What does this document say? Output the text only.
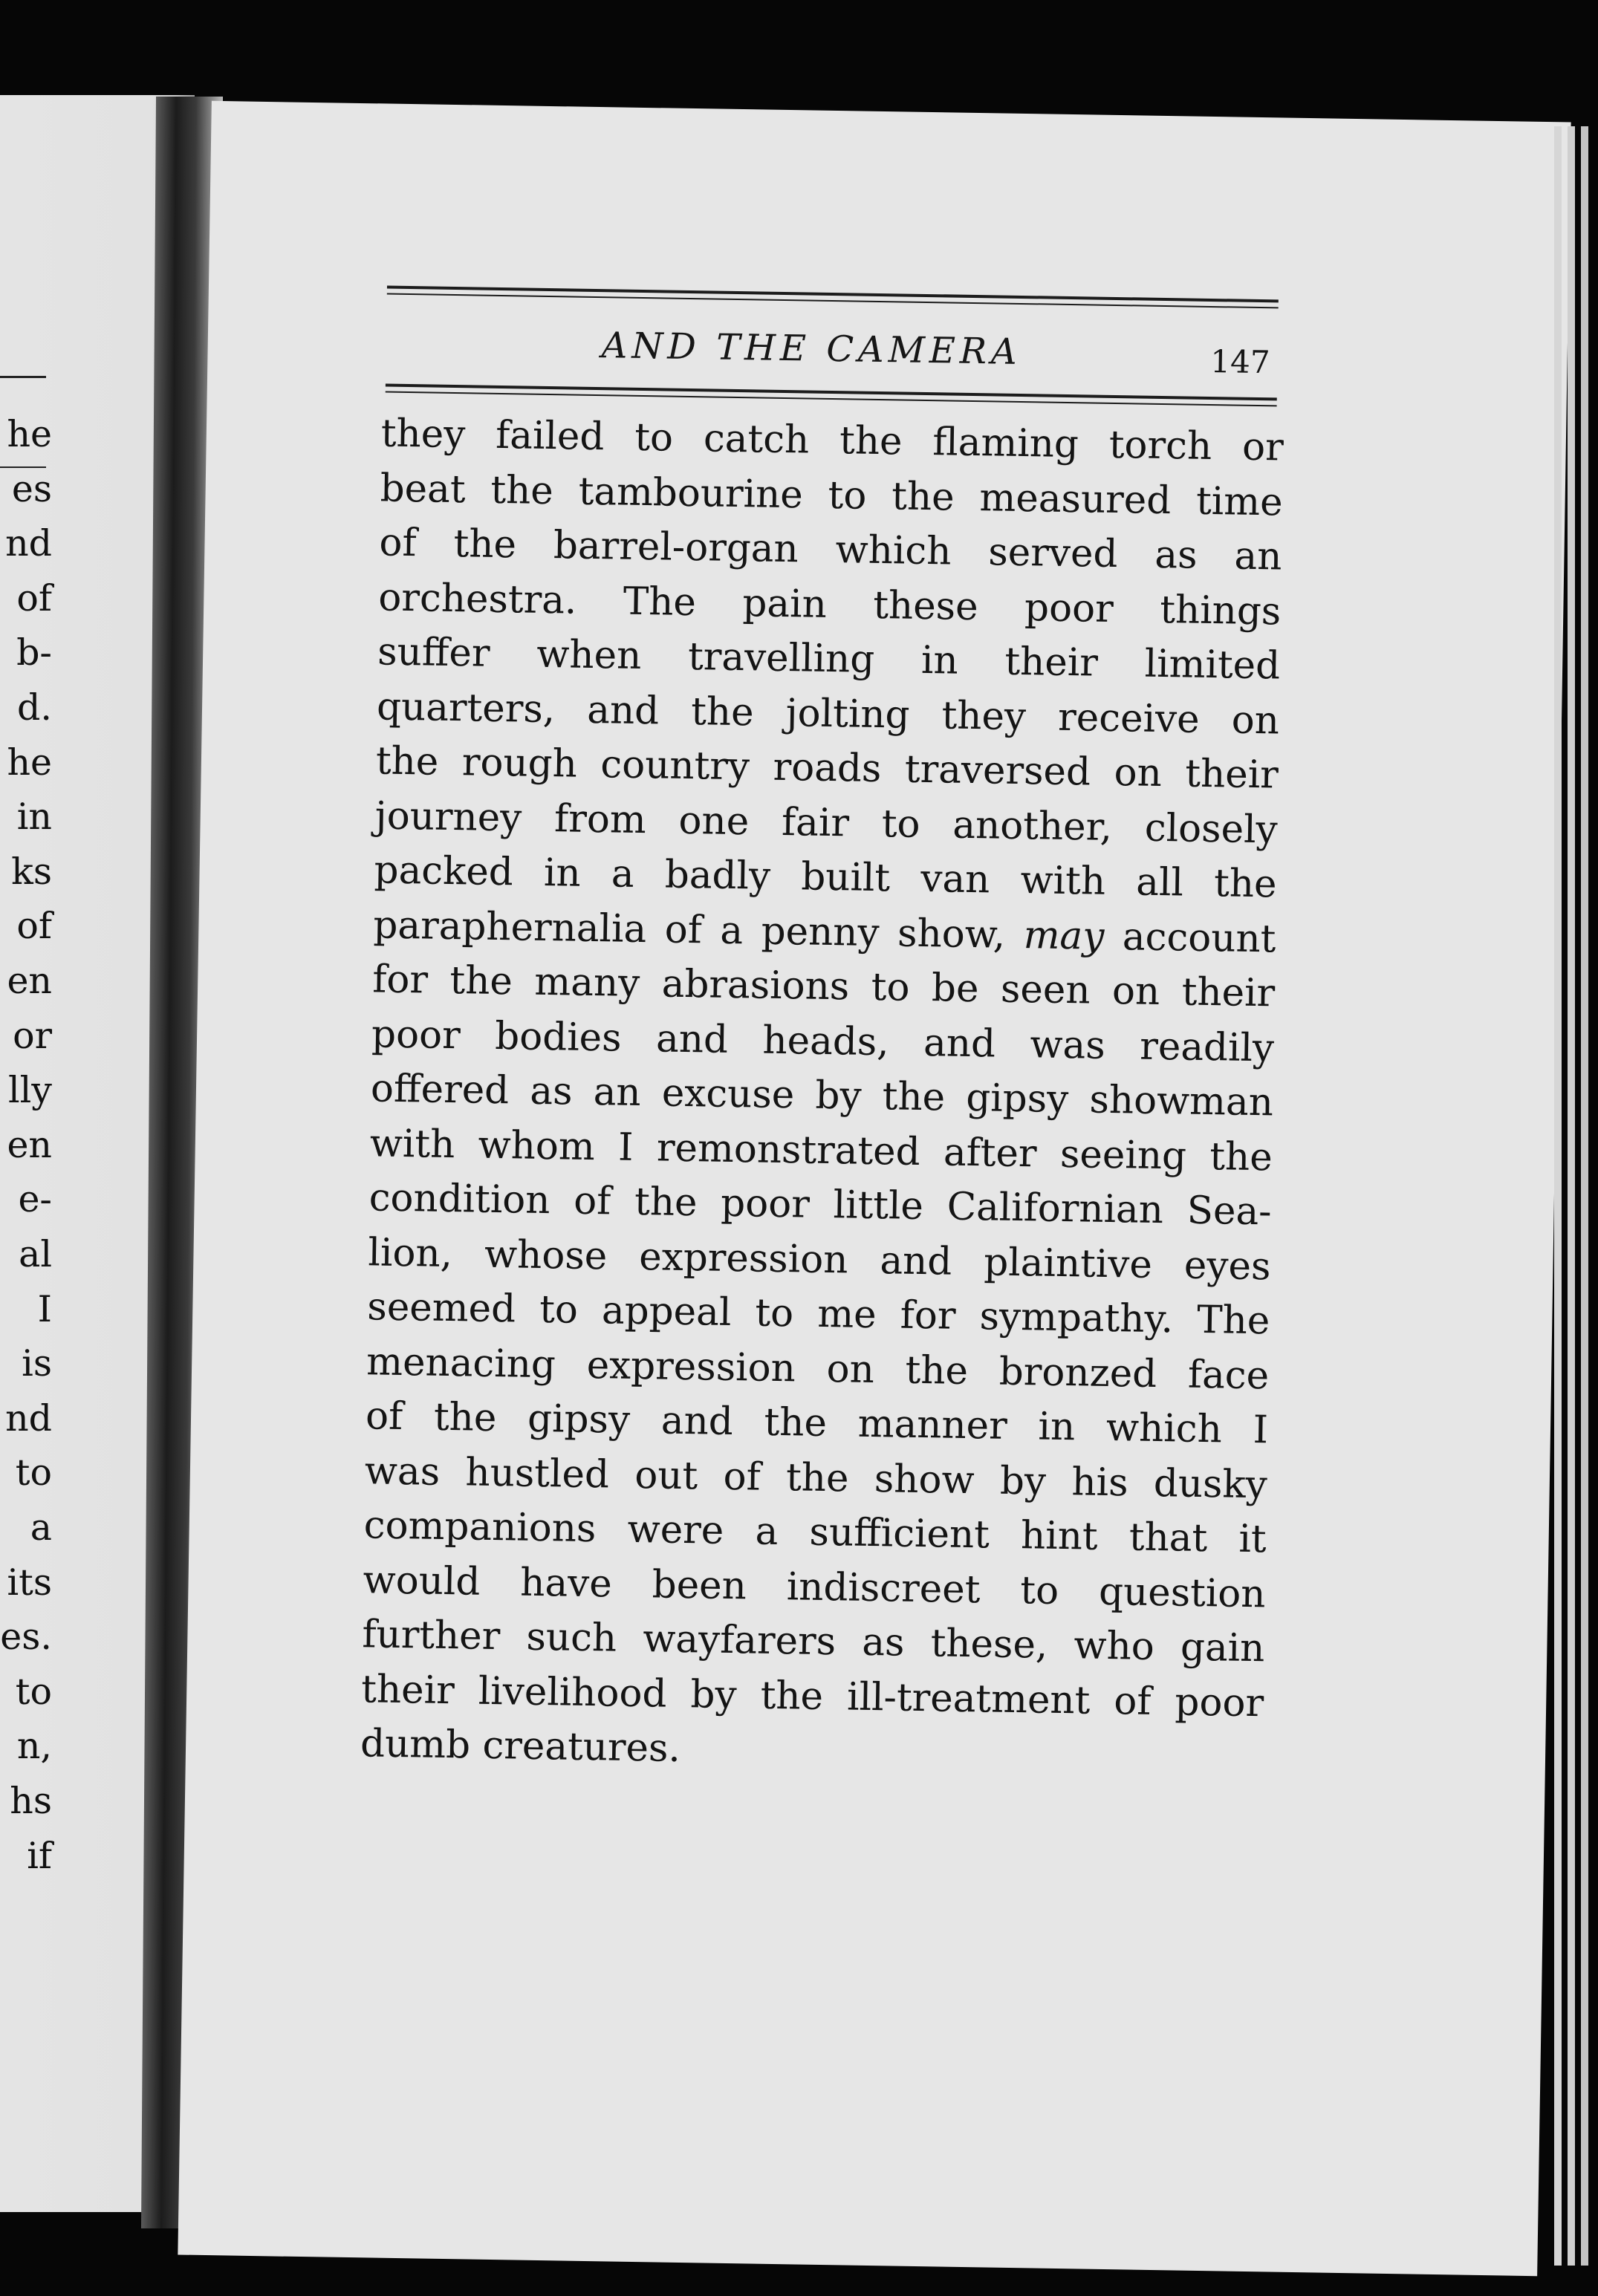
he
es
nd
of
b-
d.
he
in
ks
of
en
or
lly
en
e-
al
I
is
nd
to
a
its
es.
to
n,
hs
if
AND THE CAMERA	147
they failed to catch the flaming torch or
beat the tambourine to the measured time
of the barrel-organ which served as an
orchestra. The pain these poor things
suffer when travelling in their limited
quarters, and the jolting they receive on
the rough country roads traversed on their
journey from one fair to another, closely
packed in a badly built van with all the
paraphernalia of a penny show, may account
for the many abrasions to be seen on their
poor bodies and heads, and was readily
offered as an excuse by the gipsy showman
with whom I remonstrated after seeing the
condition of the poor little Californian Sea-
lion, whose expression and plaintive eyes
seemed to appeal to me for sympathy. The
menacing expression on the bronzed face
of the gipsy and the manner in which I
was hustled out of the show by his dusky
companions were a sufficient hint that it
would have been indiscreet to question
further such wayfarers as these, who gain
their livelihood by the ill-treatment of poor
dumb creatures.
